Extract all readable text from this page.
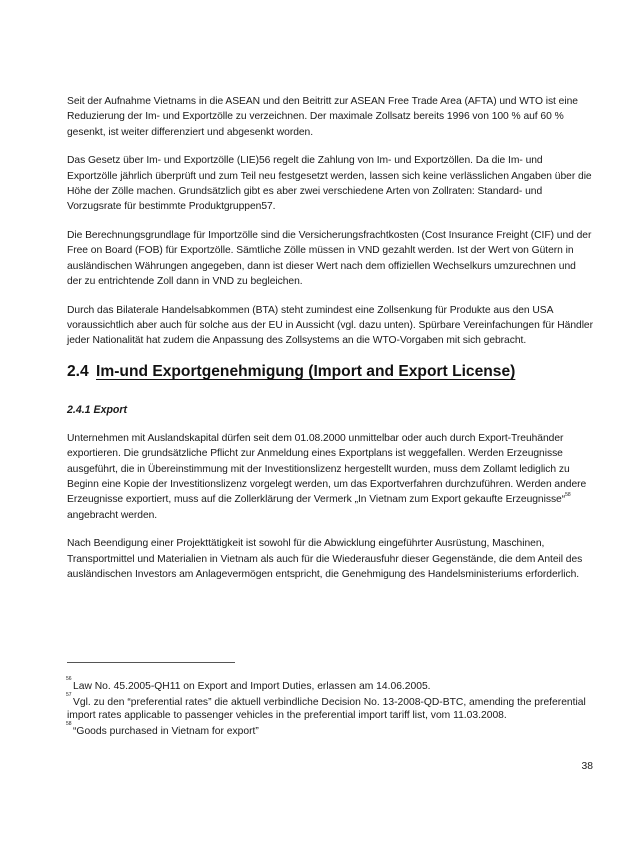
Seit der Aufnahme Vietnams in die ASEAN und den Beitritt zur ASEAN Free Trade Area (AFTA) und WTO ist eine Reduzierung der Im- und Exportzölle zu verzeichnen. Der maximale Zollsatz bereits 1996 von 100 % auf 60 % gesenkt, ist weiter differenziert und abgesenkt worden.

Das Gesetz über Im- und Exportzölle (LIE)56 regelt die Zahlung von Im- und Exportzöllen. Da die Im- und Exportzölle jährlich überprüft und zum Teil neu festgesetzt werden, lassen sich keine verlässlichen Angaben über die Höhe der Zölle machen. Grundsätzlich gibt es aber zwei verschiedene Arten von Zollraten: Standard- und Vorzugsrate für bestimmte Produktgruppen57.

Die Berechnungsgrundlage für Importzölle sind die Versicherungsfrachtkosten (Cost Insurance Freight (CIF) und der Free on Board (FOB) für Exportzölle. Sämtliche Zölle müssen in VND gezahlt werden. Ist der Wert von Gütern in ausländischen Währungen angegeben, dann ist dieser Wert nach dem offiziellen Wechselkurs umzurechnen und der zu entrichtende Zoll dann in VND zu begleichen.

Durch das Bilaterale Handelsabkommen (BTA) steht zumindest eine Zollsenkung für Produkte aus den USA voraussichtlich aber auch für solche aus der EU in Aussicht (vgl. dazu unten). Spürbare Vereinfachungen für Händler jeder Nationalität hat zudem die Anpassung des Zollsystems an die WTO-Vorgaben mit sich gebracht.

2.4 Im-und Exportgenehmigung (Import and Export License)
2.4.1 Export

Unternehmen mit Auslandskapital dürfen seit dem 01.08.2000 unmittelbar oder auch durch Export-Treuhänder exportieren. Die grundsätzliche Pflicht zur Anmeldung eines Exportplans ist weggefallen. Werden Erzeugnisse ausgeführt, die in Übereinstimmung mit der Investitionslizenz hergestellt wurden, muss dem Zollamt lediglich zu Beginn eine Kopie der Investitionslizenz vorgelegt werden, um das Exportverfahren durchzuführen. Werden andere Erzeugnisse exportiert, muss auf die Zollerklärung der Vermerk „In Vietnam zum Export gekaufte Erzeugnisse“$^{58}$ angebracht werden.

Nach Beendigung einer Projekttätigkeit ist sowohl für die Abwicklung eingeführter Ausrüstung, Maschinen, Transportmittel und Materialien in Vietnam als auch für die Wiederausfuhr dieser Gegenstände, die dem Anteil des ausländischen Investors am Anlagevermögen entspricht, die Genehmigung des Handelsministeriums erforderlich.

56
Law No. 45.2005-QH11 on Export and Import Duties, erlassen am 14.06.2005.
57
Vgl. zu den “preferential rates” die aktuell verbindliche Decision No. 13-2008-QD-BTC, amending the preferential import rates applicable to passenger vehicles in the preferential import tariff list, vom 11.03.2008.
58
“Goods purchased in Vietnam for export”
38
